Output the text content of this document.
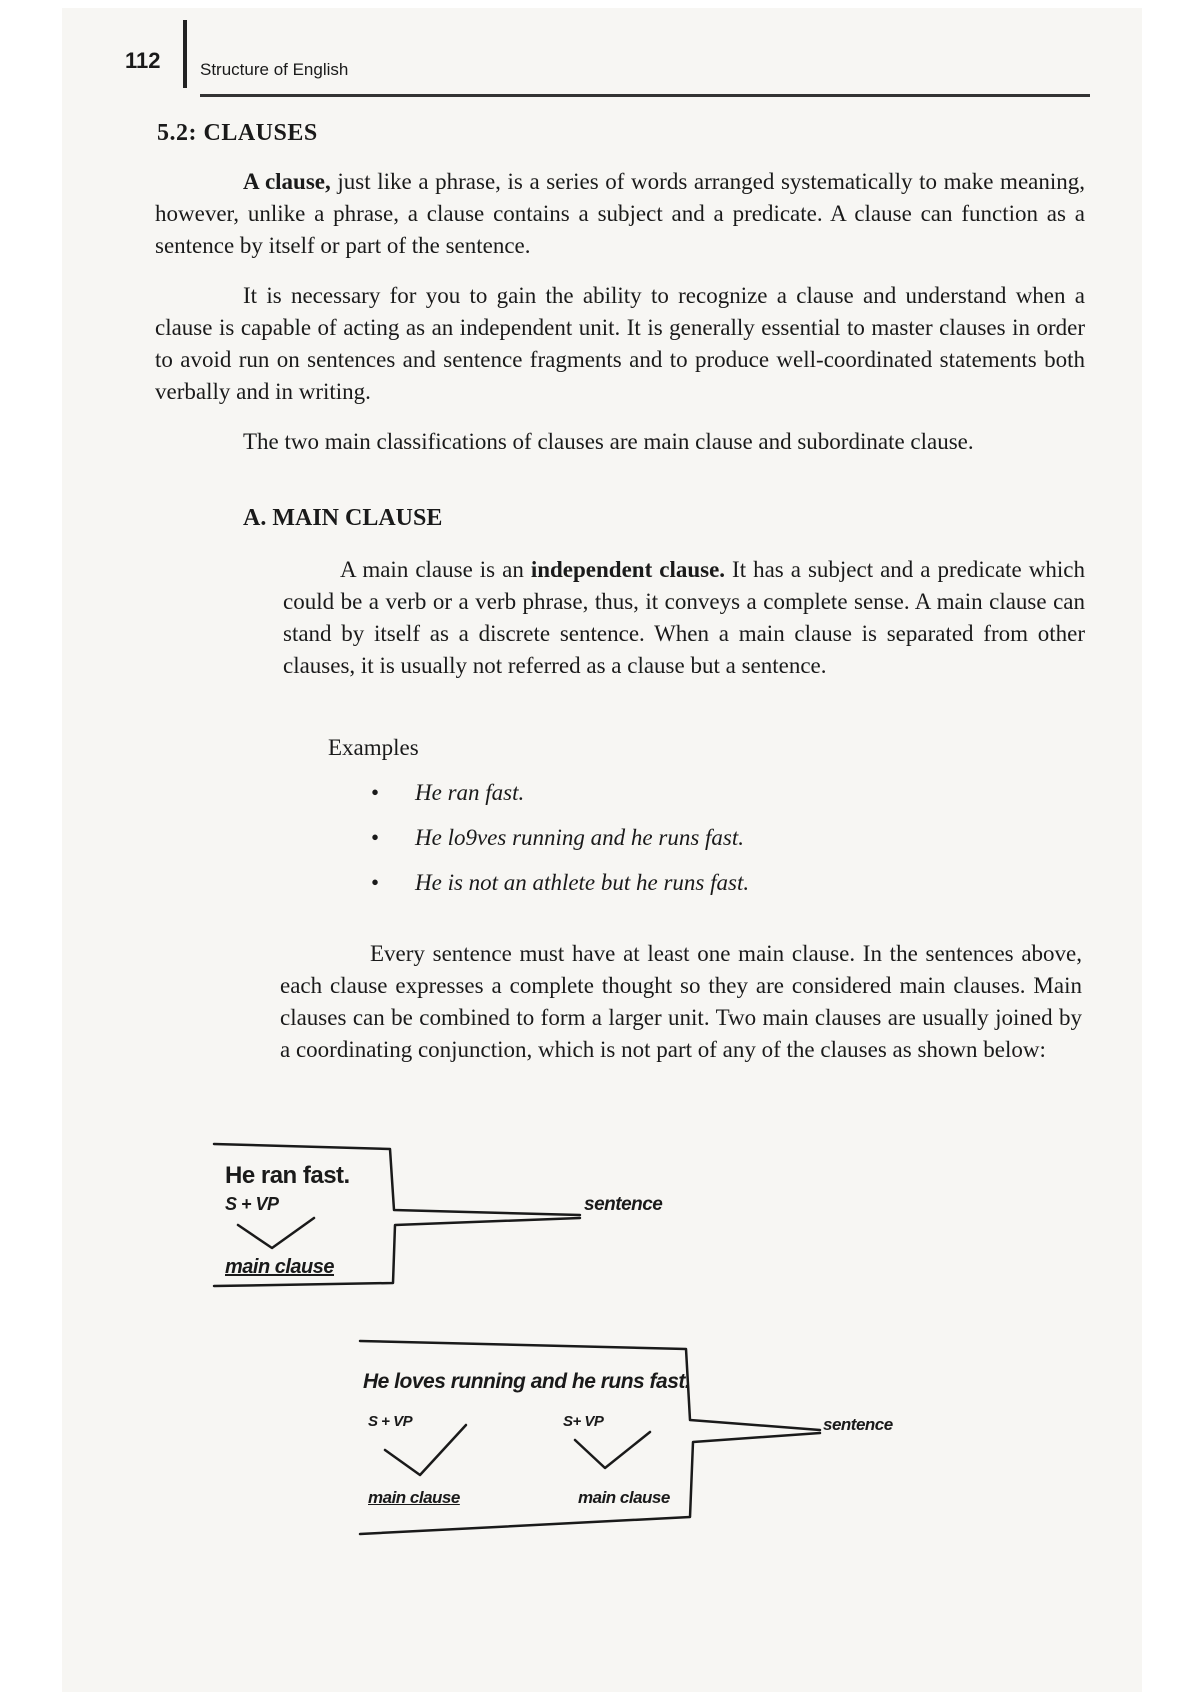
112 Structure of English
5.2: CLAUSES

A clause, just like a phrase, is a series of words arranged systematically to make meaning, however, unlike a phrase, a clause contains a subject and a predicate. A clause can function as a sentence by itself or part of the sentence.

It is necessary for you to gain the ability to recognize a clause and understand when a clause is capable of acting as an independent unit. It is generally essential to master clauses in order to avoid run on sentences and sentence fragments and to produce well-coordinated statements both verbally and in writing.

The two main classifications of clauses are main clause and subordinate clause.

A. MAIN CLAUSE

A main clause is an independent clause. It has a subject and a predicate which could be a verb or a verb phrase, thus, it conveys a complete sense. A main clause can stand by itself as a discrete sentence. When a main clause is separated from other clauses, it is usually not referred as a clause but a sentence.

Examples
• He ran fast.
• He lo9ves running and he runs fast.
• He is not an athlete but he runs fast.

Every sentence must have at least one main clause. In the sentences above, each clause expresses a complete thought so they are considered main clauses. Main clauses can be combined to form a larger unit. Two main clauses are usually joined by a coordinating conjunction, which is not part of any of the clauses as shown below:

He ran fast.
S + VP
main clause
sentence
He loves running and he runs fast.
S + VP	S+ VP
main clause	main clause
sentence
